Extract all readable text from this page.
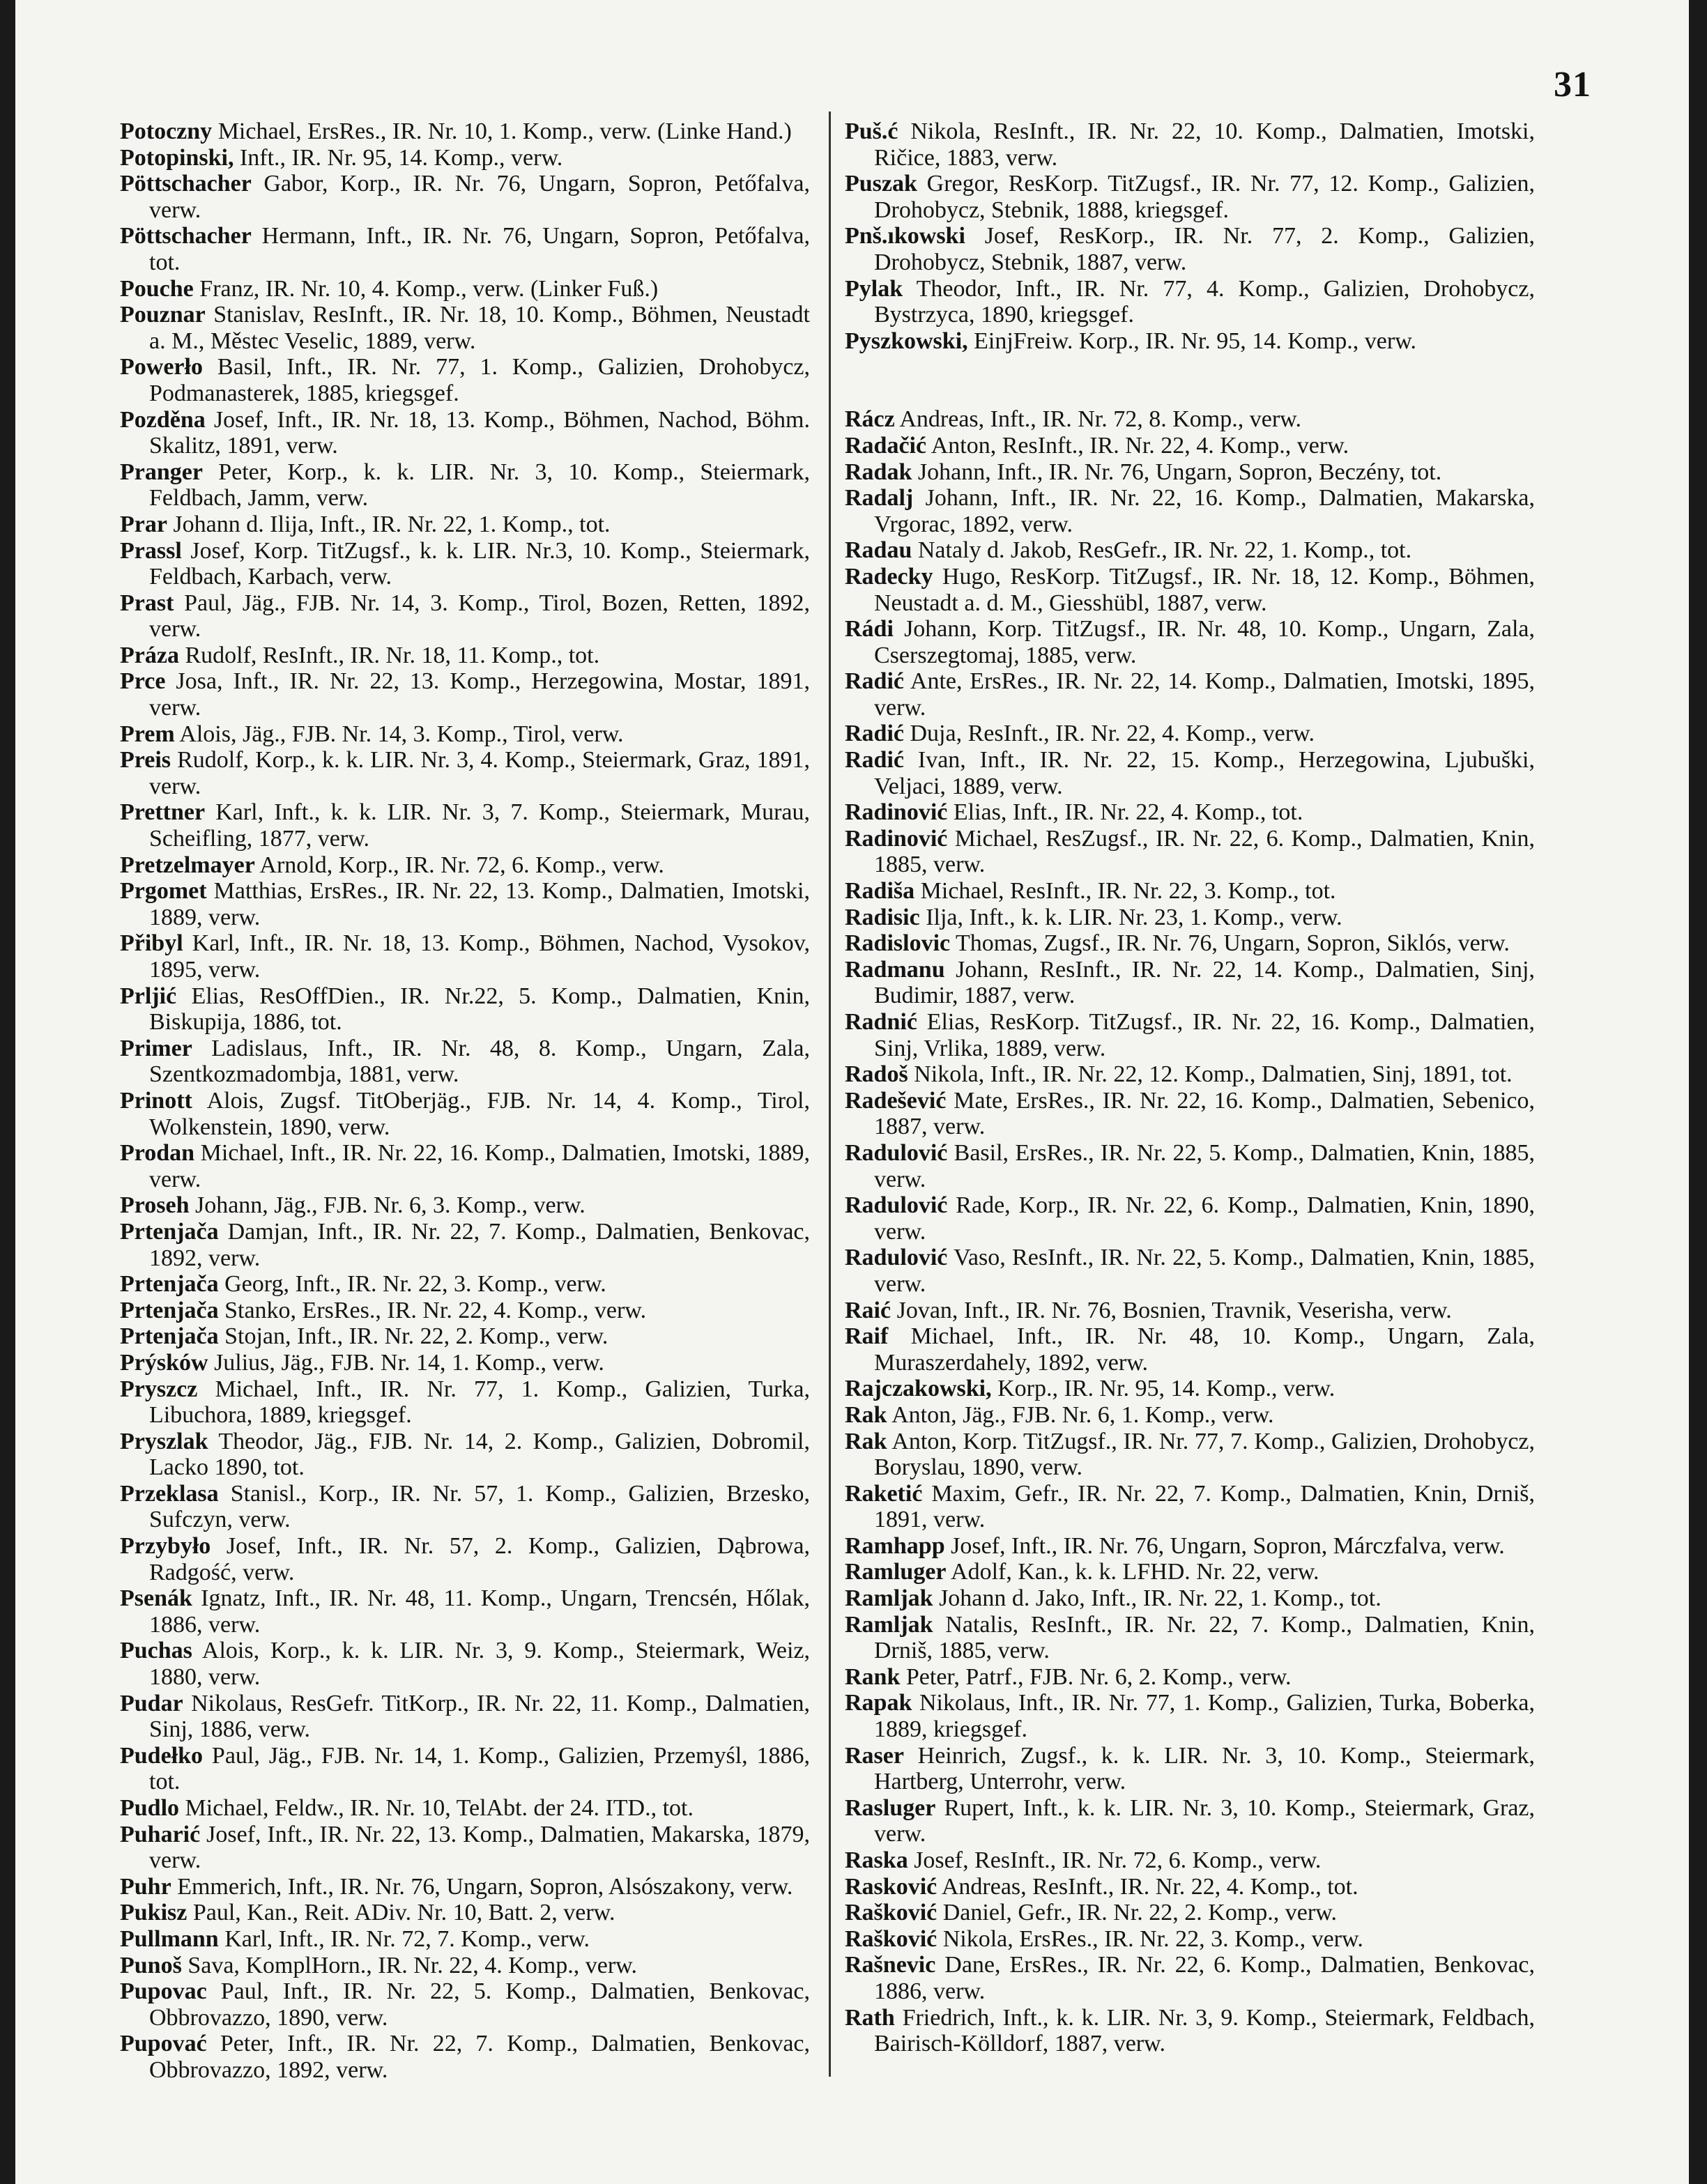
31

Potoczny Michael, ErsRes., IR. Nr. 10, 1. Komp., verw. (Linke Hand.)

Potopinski, Inft., IR. Nr. 95, 14. Komp., verw.

Pöttschacher Gabor, Korp., IR. Nr. 76, Ungarn, Sopron, Petőfalva, verw.

Pöttschacher Hermann, Inft., IR. Nr. 76, Ungarn, Sopron, Petőfalva, tot.

Pouche Franz, IR. Nr. 10, 4. Komp., verw. (Linker Fuß.)

Pouznar Stanislav, ResInft., IR. Nr. 18, 10. Komp., Böhmen, Neustadt a. M., Městec Veselic, 1889, verw.

Powerło Basil, Inft., IR. Nr. 77, 1. Komp., Galizien, Drohobycz, Podmanasterek, 1885, kriegsgef.

Pozděna Josef, Inft., IR. Nr. 18, 13. Komp., Böhmen, Nachod, Böhm. Skalitz, 1891, verw.

Pranger Peter, Korp., k. k. LIR. Nr. 3, 10. Komp., Steiermark, Feldbach, Jamm, verw.

Prar Johann d. Ilija, Inft., IR. Nr. 22, 1. Komp., tot.

Prassl Josef, Korp. TitZugsf., k. k. LIR. Nr.3, 10. Komp., Steiermark, Feldbach, Karbach, verw.

Prast Paul, Jäg., FJB. Nr. 14, 3. Komp., Tirol, Bozen, Retten, 1892, verw.

Práza Rudolf, ResInft., IR. Nr. 18, 11. Komp., tot.

Prce Josa, Inft., IR. Nr. 22, 13. Komp., Herzegowina, Mostar, 1891, verw.

Prem Alois, Jäg., FJB. Nr. 14, 3. Komp., Tirol, verw.

Preis Rudolf, Korp., k. k. LIR. Nr. 3, 4. Komp., Steiermark, Graz, 1891, verw.

Prettner Karl, Inft., k. k. LIR. Nr. 3, 7. Komp., Steiermark, Murau, Scheifling, 1877, verw.

Pretzelmayer Arnold, Korp., IR. Nr. 72, 6. Komp., verw.

Prgomet Matthias, ErsRes., IR. Nr. 22, 13. Komp., Dalmatien, Imotski, 1889, verw.

Přibyl Karl, Inft., IR. Nr. 18, 13. Komp., Böhmen, Nachod, Vysokov, 1895, verw.

Prljić Elias, ResOffDien., IR. Nr.22, 5. Komp., Dalmatien, Knin, Biskupija, 1886, tot.

Primer Ladislaus, Inft., IR. Nr. 48, 8. Komp., Ungarn, Zala, Szentkozmadombja, 1881, verw.

Prinott Alois, Zugsf. TitOberjäg., FJB. Nr. 14, 4. Komp., Tirol, Wolkenstein, 1890, verw.

Prodan Michael, Inft., IR. Nr. 22, 16. Komp., Dalmatien, Imotski, 1889, verw.

Proseh Johann, Jäg., FJB. Nr. 6, 3. Komp., verw.

Prtenjača Damjan, Inft., IR. Nr. 22, 7. Komp., Dalmatien, Benkovac, 1892, verw.

Prtenjača Georg, Inft., IR. Nr. 22, 3. Komp., verw.

Prtenjača Stanko, ErsRes., IR. Nr. 22, 4. Komp., verw.

Prtenjača Stojan, Inft., IR. Nr. 22, 2. Komp., verw.

Prýsków Julius, Jäg., FJB. Nr. 14, 1. Komp., verw.

Pryszcz Michael, Inft., IR. Nr. 77, 1. Komp., Galizien, Turka, Libuchora, 1889, kriegsgef.

Pryszlak Theodor, Jäg., FJB. Nr. 14, 2. Komp., Galizien, Dobromil, Lacko 1890, tot.

Przeklasa Stanisl., Korp., IR. Nr. 57, 1. Komp., Galizien, Brzesko, Sufczyn, verw.

Przybyło Josef, Inft., IR. Nr. 57, 2. Komp., Galizien, Dąbrowa, Radgość, verw.

Psenák Ignatz, Inft., IR. Nr. 48, 11. Komp., Ungarn, Trencsén, Hőlak, 1886, verw.

Puchas Alois, Korp., k. k. LIR. Nr. 3, 9. Komp., Steiermark, Weiz, 1880, verw.

Pudar Nikolaus, ResGefr. TitKorp., IR. Nr. 22, 11. Komp., Dalmatien, Sinj, 1886, verw.

Pudełko Paul, Jäg., FJB. Nr. 14, 1. Komp., Galizien, Przemyśl, 1886, tot.

Pudlo Michael, Feldw., IR. Nr. 10, TelAbt. der 24. ITD., tot.

Puharić Josef, Inft., IR. Nr. 22, 13. Komp., Dalmatien, Makarska, 1879, verw.

Puhr Emmerich, Inft., IR. Nr. 76, Ungarn, Sopron, Alsószakony, verw.

Pukisz Paul, Kan., Reit. ADiv. Nr. 10, Batt. 2, verw.

Pullmann Karl, Inft., IR. Nr. 72, 7. Komp., verw.

Punoš Sava, KomplHorn., IR. Nr. 22, 4. Komp., verw.

Pupovac Paul, Inft., IR. Nr. 22, 5. Komp., Dalmatien, Benkovac, Obbrovazzo, 1890, verw.

Pupovać Peter, Inft., IR. Nr. 22, 7. Komp., Dalmatien, Benkovac, Obbrovazzo, 1892, verw.

Puš.ć Nikola, ResInft., IR. Nr. 22, 10. Komp., Dalmatien, Imotski, Ričice, 1883, verw.

Puszak Gregor, ResKorp. TitZugsf., IR. Nr. 77, 12. Komp., Galizien, Drohobycz, Stebnik, 1888, kriegsgef.

Pnš.ıkowski Josef, ResKorp., IR. Nr. 77, 2. Komp., Galizien, Drohobycz, Stebnik, 1887, verw.

Pylak Theodor, Inft., IR. Nr. 77, 4. Komp., Galizien, Drohobycz, Bystrzyca, 1890, kriegsgef.

Pyszkowski, EinjFreiw. Korp., IR. Nr. 95, 14. Komp., verw.

Rácz Andreas, Inft., IR. Nr. 72, 8. Komp., verw.

Radačić Anton, ResInft., IR. Nr. 22, 4. Komp., verw.

Radak Johann, Inft., IR. Nr. 76, Ungarn, Sopron, Beczény, tot.

Radalj Johann, Inft., IR. Nr. 22, 16. Komp., Dalmatien, Makarska, Vrgorac, 1892, verw.

Radau Nataly d. Jakob, ResGefr., IR. Nr. 22, 1. Komp., tot.

Radecky Hugo, ResKorp. TitZugsf., IR. Nr. 18, 12. Komp., Böhmen, Neustadt a. d. M., Giesshübl, 1887, verw.

Rádi Johann, Korp. TitZugsf., IR. Nr. 48, 10. Komp., Ungarn, Zala, Cserszegtomaj, 1885, verw.

Radić Ante, ErsRes., IR. Nr. 22, 14. Komp., Dalmatien, Imotski, 1895, verw.

Radić Duja, ResInft., IR. Nr. 22, 4. Komp., verw.

Radić Ivan, Inft., IR. Nr. 22, 15. Komp., Herzegowina, Ljubuški, Veljaci, 1889, verw.

Radinović Elias, Inft., IR. Nr. 22, 4. Komp., tot.

Radinović Michael, ResZugsf., IR. Nr. 22, 6. Komp., Dalmatien, Knin, 1885, verw.

Radiša Michael, ResInft., IR. Nr. 22, 3. Komp., tot.

Radisic Ilja, Inft., k. k. LIR. Nr. 23, 1. Komp., verw.

Radislovic Thomas, Zugsf., IR. Nr. 76, Ungarn, Sopron, Siklós, verw.

Radmanu Johann, ResInft., IR. Nr. 22, 14. Komp., Dalmatien, Sinj, Budimir, 1887, verw.

Radnić Elias, ResKorp. TitZugsf., IR. Nr. 22, 16. Komp., Dalmatien, Sinj, Vrlika, 1889, verw.

Radoš Nikola, Inft., IR. Nr. 22, 12. Komp., Dalmatien, Sinj, 1891, tot.

Radešević Mate, ErsRes., IR. Nr. 22, 16. Komp., Dalmatien, Sebenico, 1887, verw.

Radulović Basil, ErsRes., IR. Nr. 22, 5. Komp., Dalmatien, Knin, 1885, verw.

Radulović Rade, Korp., IR. Nr. 22, 6. Komp., Dalmatien, Knin, 1890, verw.

Radulović Vaso, ResInft., IR. Nr. 22, 5. Komp., Dalmatien, Knin, 1885, verw.

Raić Jovan, Inft., IR. Nr. 76, Bosnien, Travnik, Veserisha, verw.

Raif Michael, Inft., IR. Nr. 48, 10. Komp., Ungarn, Zala, Muraszerdahely, 1892, verw.

Rajczakowski, Korp., IR. Nr. 95, 14. Komp., verw.

Rak Anton, Jäg., FJB. Nr. 6, 1. Komp., verw.

Rak Anton, Korp. TitZugsf., IR. Nr. 77, 7. Komp., Galizien, Drohobycz, Boryslau, 1890, verw.

Raketić Maxim, Gefr., IR. Nr. 22, 7. Komp., Dalmatien, Knin, Drniš, 1891, verw.

Ramhapp Josef, Inft., IR. Nr. 76, Ungarn, Sopron, Márczfalva, verw.

Ramluger Adolf, Kan., k. k. LFHD. Nr. 22, verw.

Ramljak Johann d. Jako, Inft., IR. Nr. 22, 1. Komp., tot.

Ramljak Natalis, ResInft., IR. Nr. 22, 7. Komp., Dalmatien, Knin, Drniš, 1885, verw.

Rank Peter, Patrf., FJB. Nr. 6, 2. Komp., verw.

Rapak Nikolaus, Inft., IR. Nr. 77, 1. Komp., Galizien, Turka, Boberka, 1889, kriegsgef.

Raser Heinrich, Zugsf., k. k. LIR. Nr. 3, 10. Komp., Steiermark, Hartberg, Unterrohr, verw.

Rasluger Rupert, Inft., k. k. LIR. Nr. 3, 10. Komp., Steiermark, Graz, verw.

Raska Josef, ResInft., IR. Nr. 72, 6. Komp., verw.

Rasković Andreas, ResInft., IR. Nr. 22, 4. Komp., tot.

Rašković Daniel, Gefr., IR. Nr. 22, 2. Komp., verw.

Rašković Nikola, ErsRes., IR. Nr. 22, 3. Komp., verw.

Rašnevic Dane, ErsRes., IR. Nr. 22, 6. Komp., Dalmatien, Benkovac, 1886, verw.

Rath Friedrich, Inft., k. k. LIR. Nr. 3, 9. Komp., Steiermark, Feldbach, Bairisch-Kölldorf, 1887, verw.
